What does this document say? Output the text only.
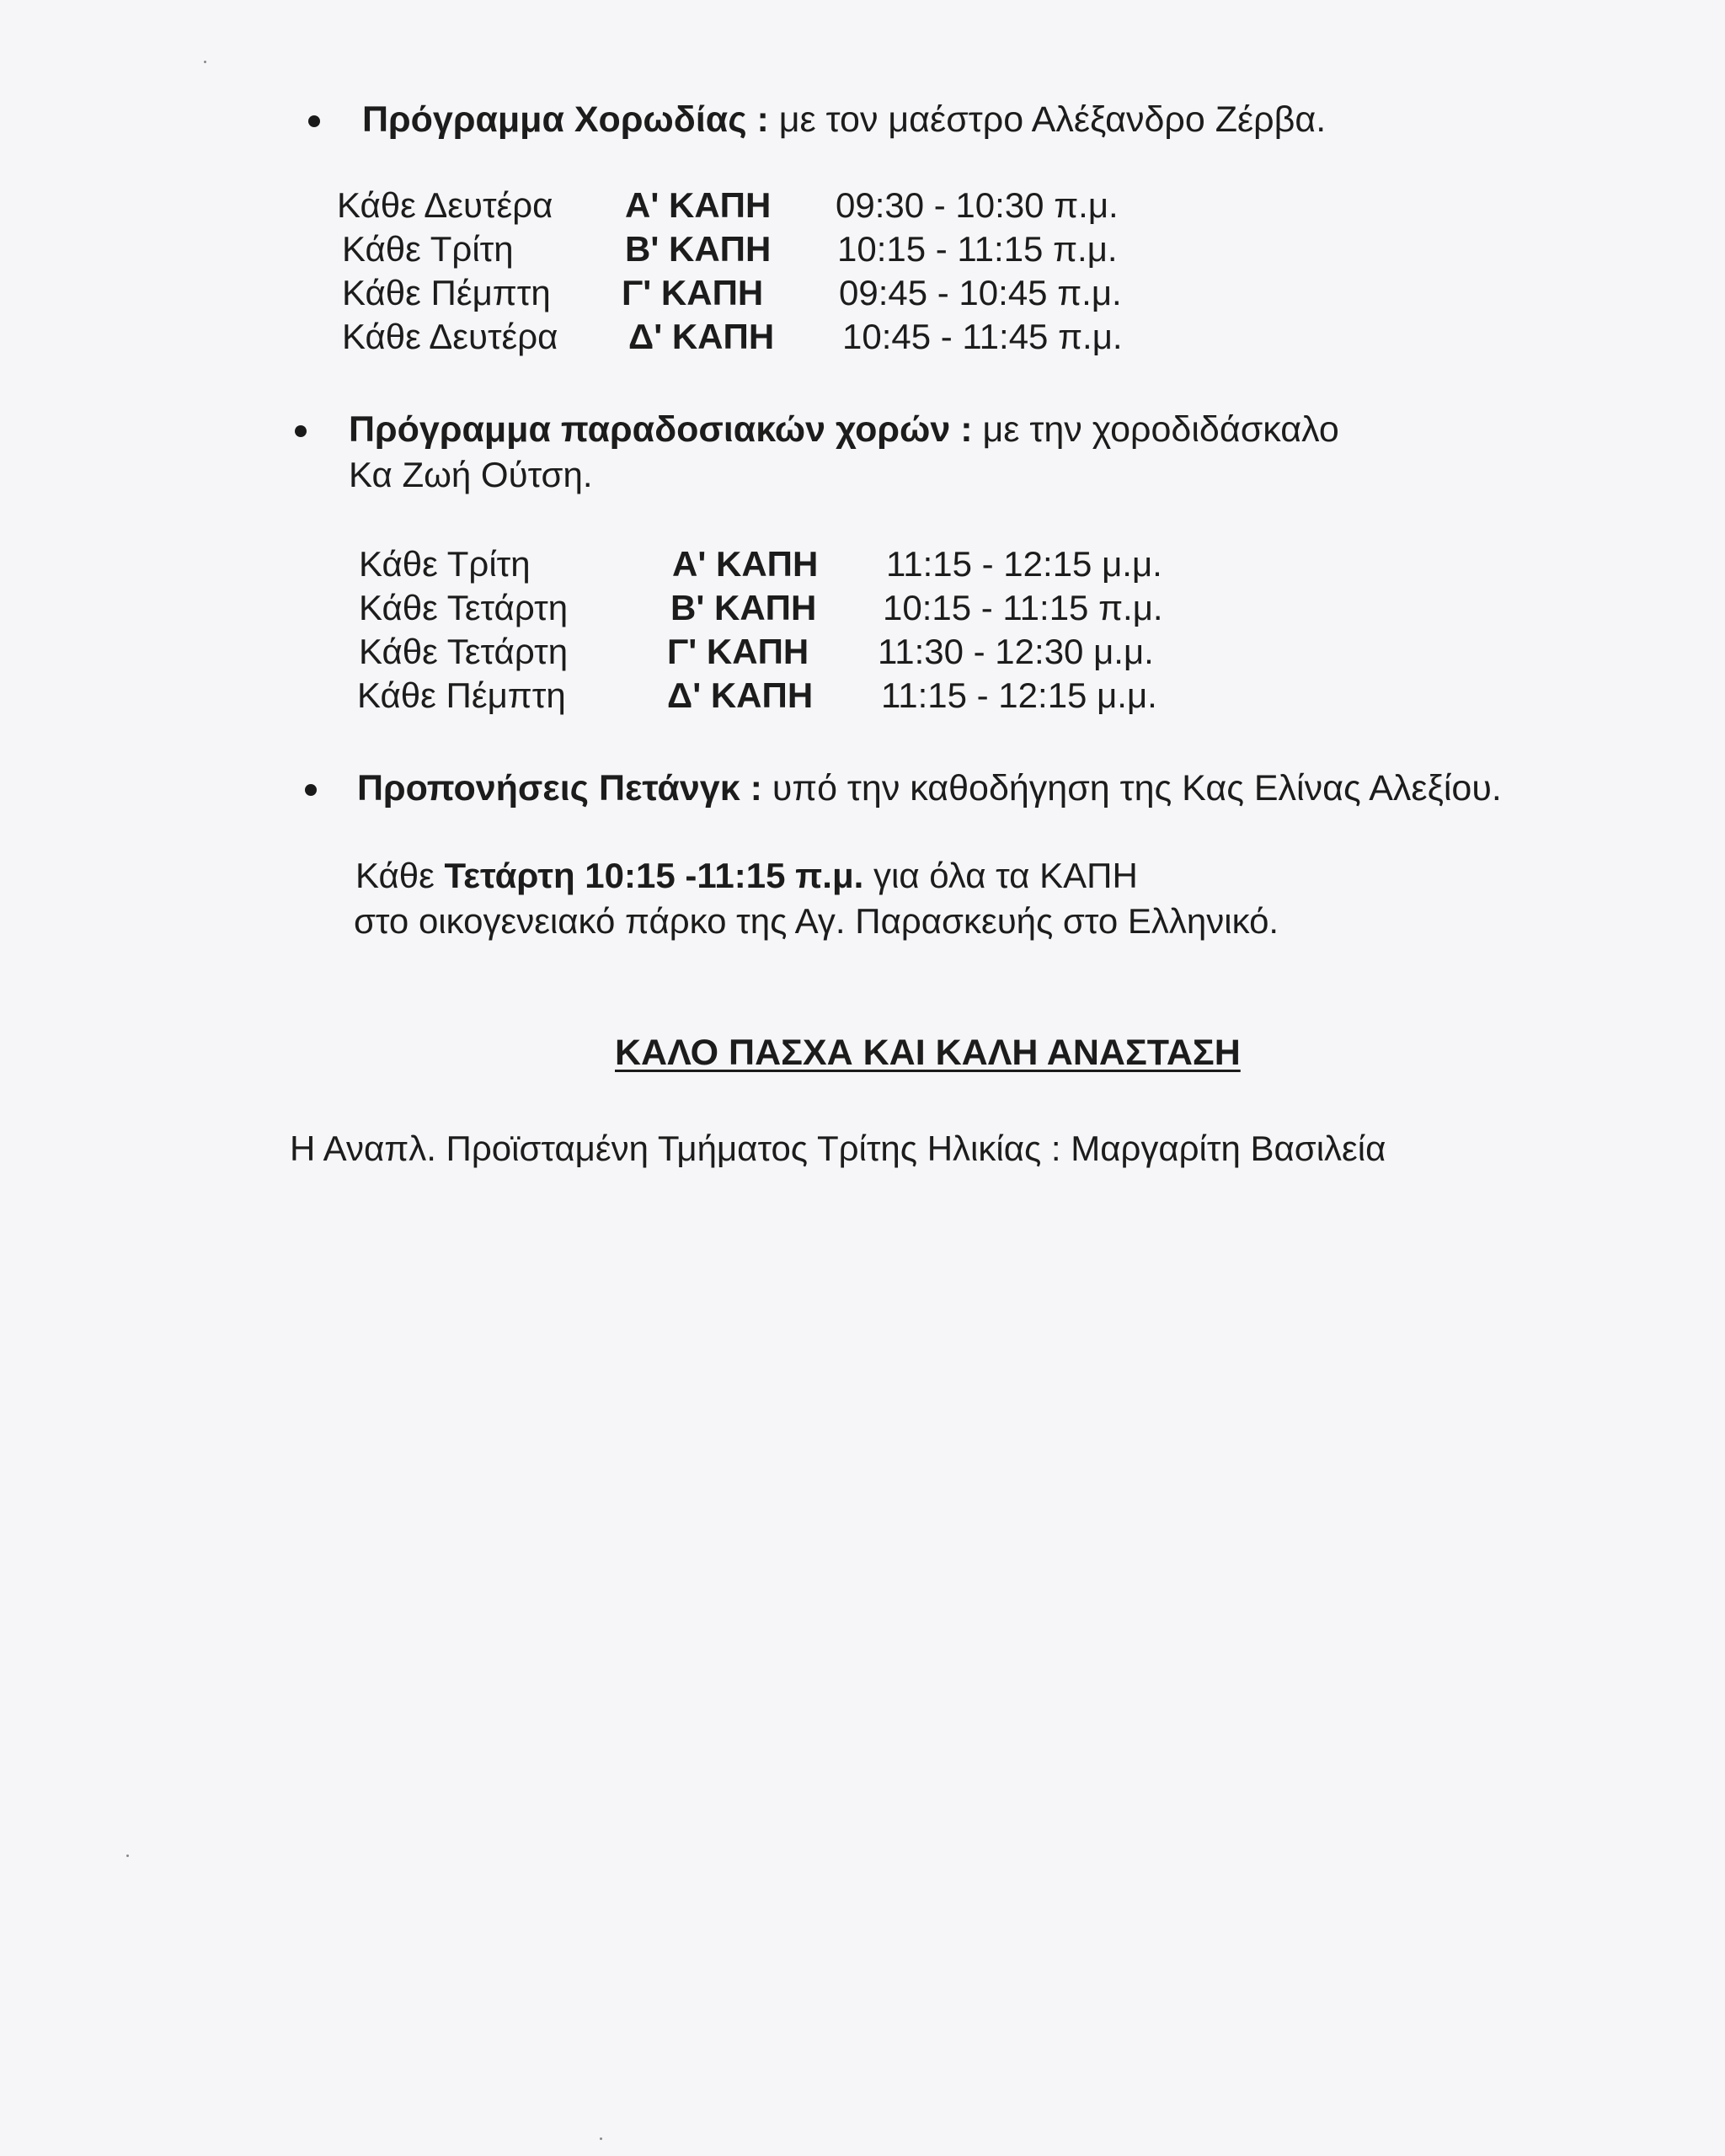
Πρόγραμμα Χορωδίας : με τον μαέστρο Αλέξανδρο Ζέρβα.
Κάθε Δευτέρα Α' ΚΑΠΗ 09:30 - 10:30 π.μ.
Κάθε Τρίτη	Β' ΚΑΠΗ 10:15 - 11:15 π.μ.
Κάθε Πέμπτη Γ' ΚΑΠΗ 09:45 - 10:45 π.μ.
Κάθε Δευτέρα Δ' ΚΑΠΗ 10:45 - 11:45 π.μ.
Πρόγραμμα παραδοσιακών χορών : με την χοροδιδάσκαλο
Κα Ζωή Ούτση.
Κάθε Τρίτη	Α' ΚΑΠΗ 11:15 - 12:15 μ.μ.
Κάθε Τετάρτη	Β' ΚΑΠΗ 10:15 - 11:15 π.μ.
Κάθε Τετάρτη	Γ' ΚΑΠΗ 11:30 - 12:30 μ.μ.
Κάθε Πέμπτη	Δ' ΚΑΠΗ 11:15 - 12:15 μ.μ.
Προπονήσεις Πετάνγκ : υπό την καθοδήγηση της Κας Ελίνας Αλεξίου.
Κάθε Τετάρτη 10:15 -11:15 π.μ. για όλα τα ΚΑΠΗ
στο οικογενειακό πάρκο της Αγ. Παρασκευής στο Ελληνικό.
ΚΑΛΟ ΠΑΣΧΑ ΚΑΙ ΚΑΛΗ ΑΝΑΣΤΑΣΗ
Η Αναπλ. Προϊσταμένη Τμήματος Τρίτης Ηλικίας : Μαργαρίτη Βασιλεία
